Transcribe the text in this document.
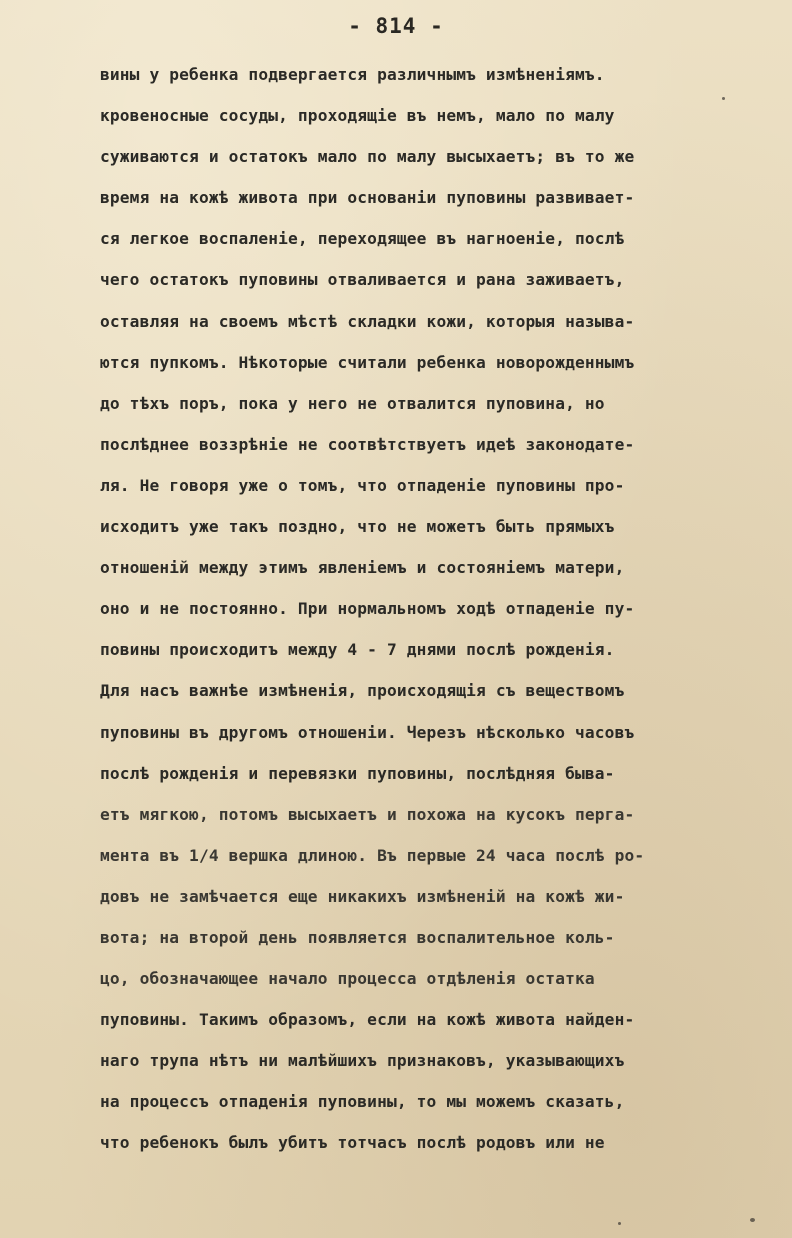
- 814 -
вины у ребенка подвергается различнымъ измѣненiямъ.
кровеносные сосуды, проходящiе въ немъ, мало по малу
суживаются и остатокъ мало по малу высыхаетъ; въ то же
время на кожѣ живота при основанiи пуповины развивает-
ся легкое воспаленiе, переходящее въ нагноенiе, послѣ
чего остатокъ пуповины отваливается и рана заживаетъ,
оставляя на своемъ мѣстѣ складки кожи, которыя называ-
ются пупкомъ. Нѣкоторые считали ребенка новорожденнымъ
до тѣхъ поръ, пока у него не отвалится пуповина, но
послѣднее воззрѣнiе не соотвѣтствуетъ идеѣ законодате-
ля. Не говоря уже о томъ, что отпаденiе пуповины про-
исходитъ уже такъ поздно, что не можетъ быть прямыхъ
отношенiй между этимъ явленiемъ и состоянiемъ матери,
оно и не постоянно. При нормальномъ ходѣ отпаденiе пу-
повины происходитъ между 4 - 7 днями послѣ рожденiя.
Для насъ важнѣе измѣненiя, происходящiя съ веществомъ
пуповины въ другомъ отношенiи. Черезъ нѣсколько часовъ
послѣ рожденiя и перевязки пуповины, послѣдняя быва-
етъ мягкою, потомъ высыхаетъ и похожа на кусокъ перга-
мента въ 1/4 вершка длиною. Въ первые 24 часа послѣ ро-
довъ не замѣчается еще никакихъ измѣненiй на кожѣ жи-
вота; на второй день появляется воспалительное коль-
цо, обозначающее начало процесса отдѣленiя остатка
пуповины. Такимъ образомъ, если на кожѣ живота найден-
наго трупа нѣтъ ни малѣйшихъ признаковъ, указывающихъ
на процессъ отпаденiя пуповины, то мы можемъ сказать,
что ребенокъ былъ убитъ тотчасъ послѣ родовъ или не
